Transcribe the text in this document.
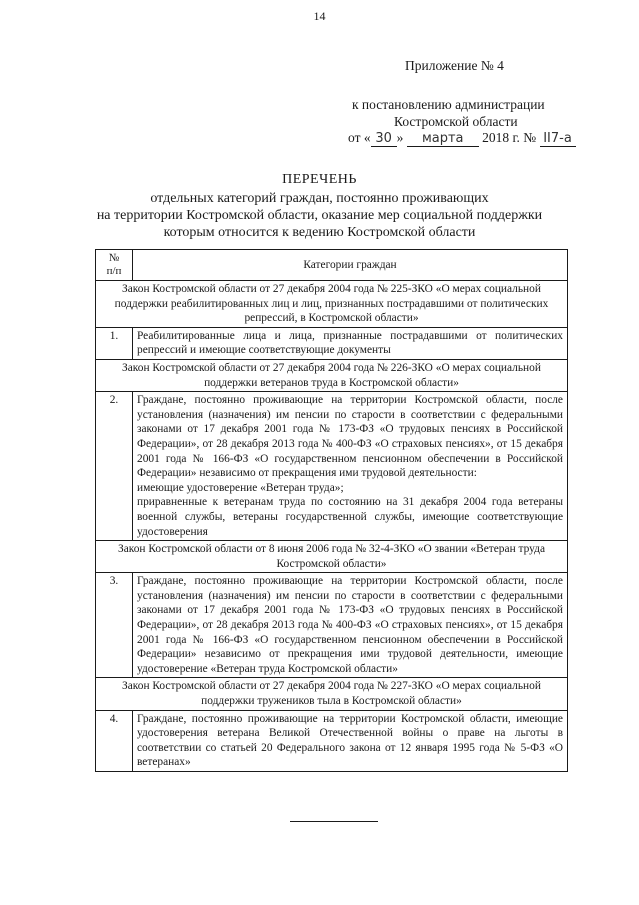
14
Приложение № 4
к постановлению администрации
Костромской области
от « 30 » марта 2018 г. № II7-а
ПЕРЕЧЕНЬ
отдельных категорий граждан, постоянно проживающих
на территории Костромской области, оказание мер социальной поддержки
которым относится к ведению Костромской области
№
п/п	Категории граждан
Закон Костромской области от 27 декабря 2004 года № 225-ЗКО «О мерах социальной поддержки реабилитированных лиц и лиц, признанных пострадавшими от политических репрессий, в Костромской области»	
1.	Реабилитированные лица и лица, признанные пострадавшими от политических репрессий и имеющие соответствующие документы

Закон Костромской области от 27 декабря 2004 года № 226-ЗКО «О мерах социальной поддержки ветеранов труда в Костромской области»	
2.	Граждане, постоянно проживающие на территории Костромской области, после установления (назначения) им пенсии по старости в соответствии с федеральными законами от 17 декабря 2001 года № 173-ФЗ «О трудовых пенсиях в Российской Федерации», от 28 декабря 2013 года № 400-ФЗ «О страховых пенсиях», от 15 декабря 2001 года № 166-ФЗ «О государственном пенсионном обеспечении в Российской Федерации» независимо от прекращения ими трудовой деятельности:
имеющие удостоверение «Ветеран труда»;
приравненные к ветеранам труда по состоянию на 31 декабря 2004 года ветераны военной службы, ветераны государственной службы, имеющие соответствующие удостоверения

Закон Костромской области от 8 июня 2006 года № 32-4-ЗКО «О звании «Ветеран труда Костромской области»	
3.	Граждане, постоянно проживающие на территории Костромской области, после установления (назначения) им пенсии по старости в соответствии с федеральными законами от 17 декабря 2001 года № 173-ФЗ «О трудовых пенсиях в Российской Федерации», от 28 декабря 2013 года № 400-ФЗ «О страховых пенсиях», от 15 декабря 2001 года № 166-ФЗ «О государственном пенсионном обеспечении в Российской Федерации» независимо от прекращения ими трудовой деятельности, имеющие удостоверение «Ветеран труда Костромской области»

Закон Костромской области от 27 декабря 2004 года № 227-ЗКО «О мерах социальной поддержки тружеников тыла в Костромской области»	
4.	Граждане, постоянно проживающие на территории Костромской области, имеющие удостоверения ветерана Великой Отечественной войны о праве на льготы в соответствии со статьей 20 Федерального закона от 12 января 1995 года № 5-ФЗ «О ветеранах»
